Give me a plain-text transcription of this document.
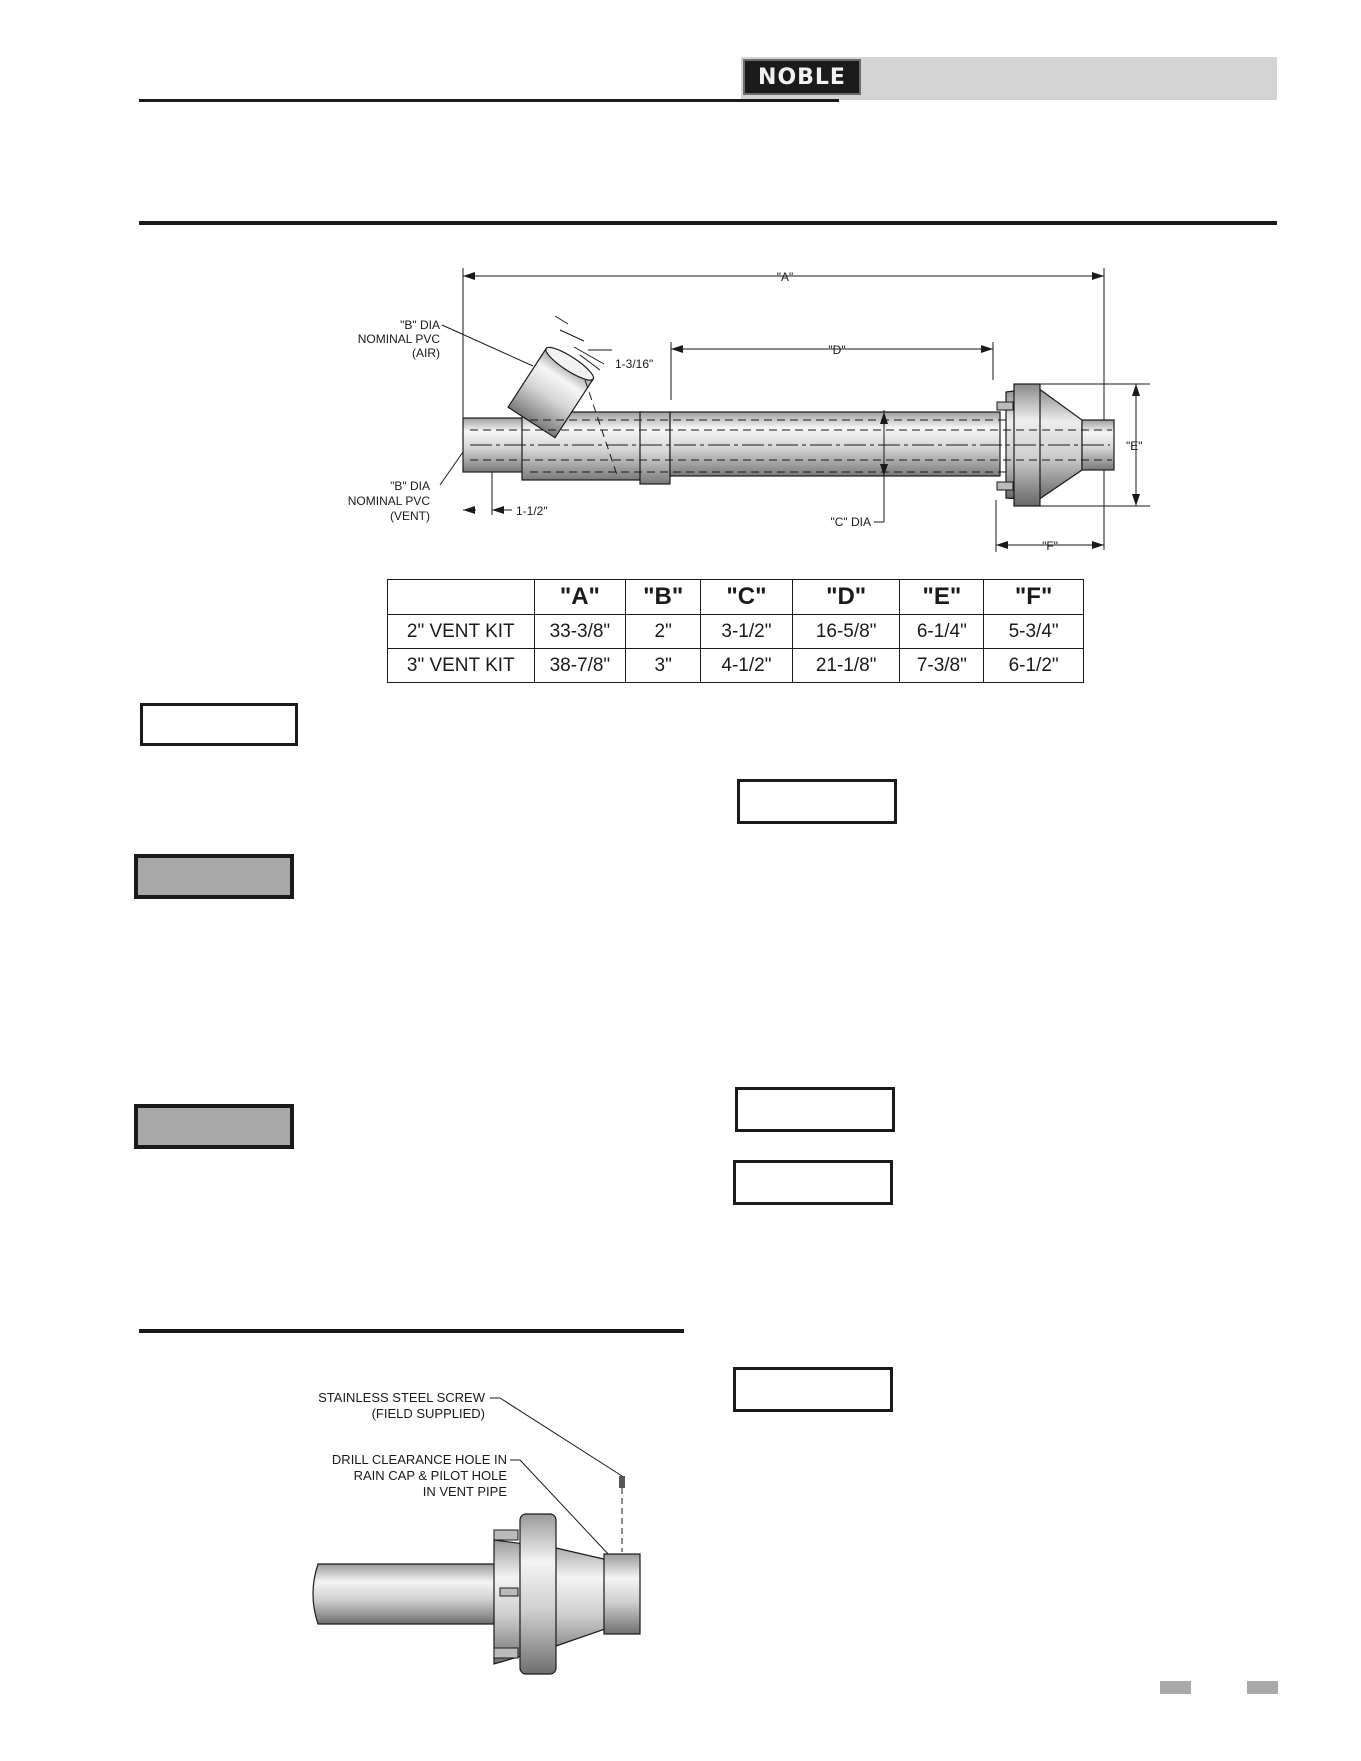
NOBLE
"A"
"D"
"E"
"F"
1-3/16"
1-1/2"
"C" DIA
"B" DIA
NOMINAL PVC
(AIR)
"B" DIA
NOMINAL PVC
(VENT)
	"A"	"B"	"C"	"D"	"E"	"F"
2" VENT KIT	33-3/8"	2"	3-1/2"	16-5/8"	6-1/4"	5-3/4"
3" VENT KIT	38-7/8"	3"	4-1/2"	21-1/8"	7-3/8"	6-1/2"
STAINLESS STEEL SCREW
(FIELD SUPPLIED)
DRILL CLEARANCE HOLE IN
RAIN CAP & PILOT HOLE
IN VENT PIPE
